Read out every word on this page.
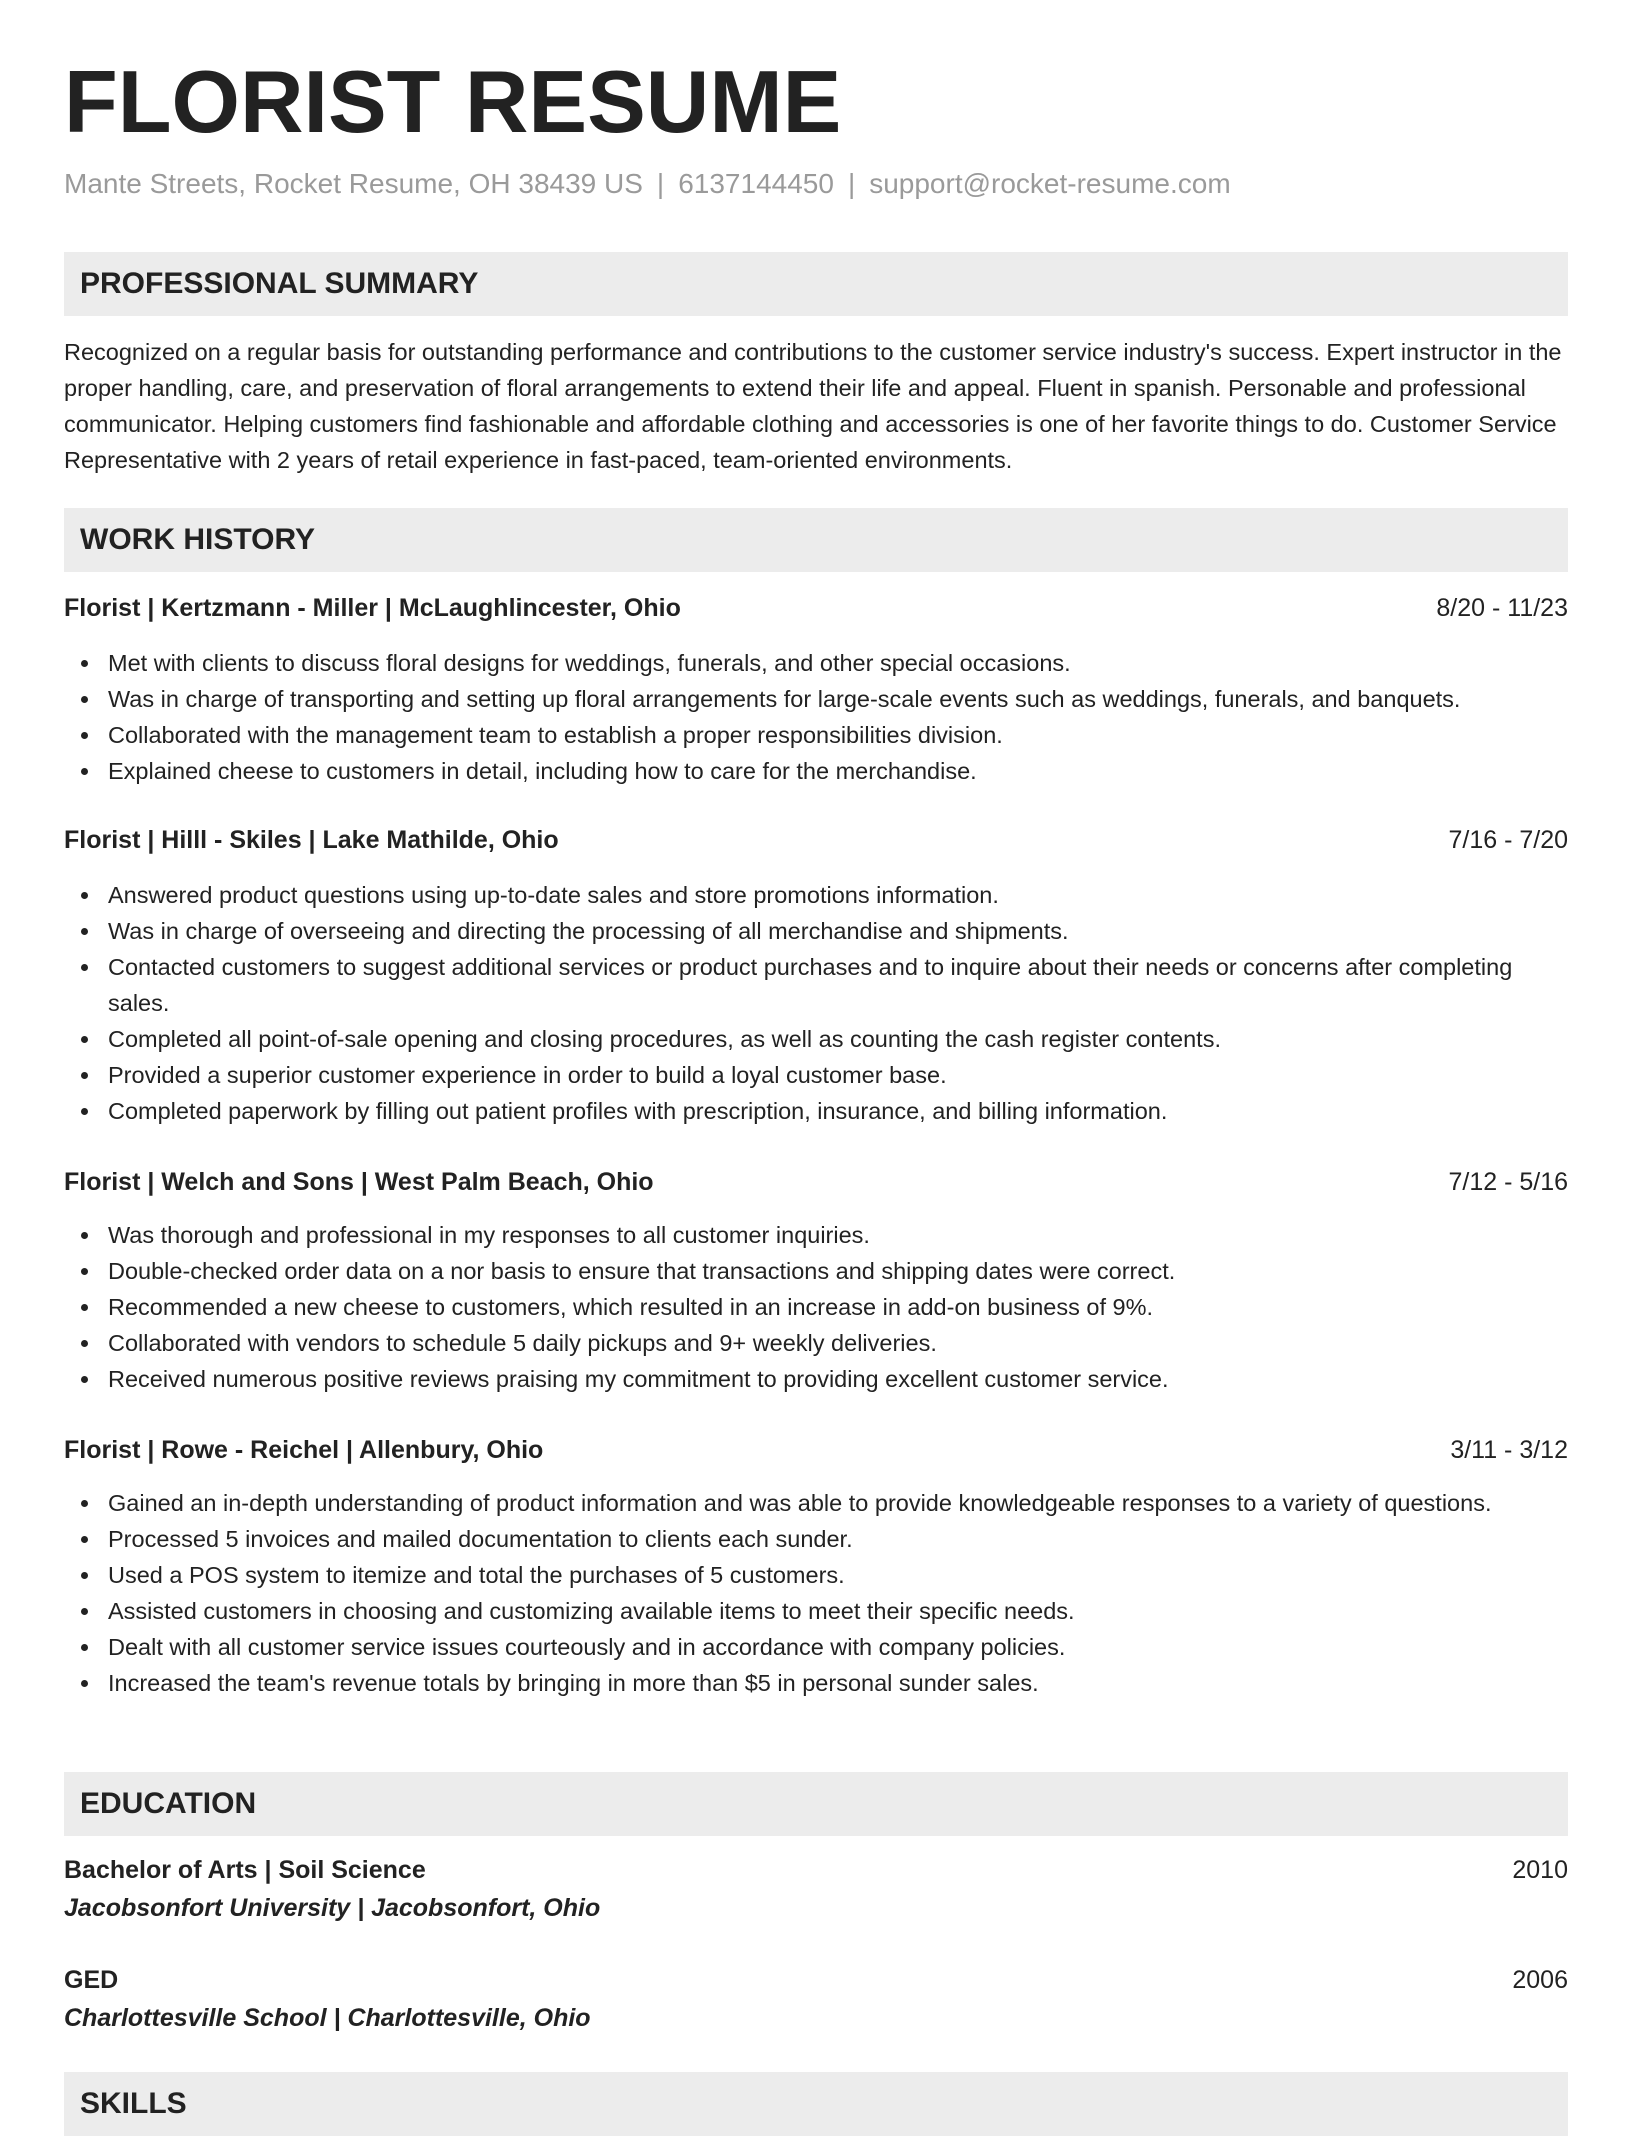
FLORIST RESUME
Mante Streets, Rocket Resume, OH 38439 US | 6137144450 | support@rocket-resume.com
PROFESSIONAL SUMMARY

Recognized on a regular basis for outstanding performance and contributions to the customer service industry's success. Expert instructor in the proper handling, care, and preservation of floral arrangements to extend their life and appeal. Fluent in spanish. Personable and professional communicator. Helping customers find fashionable and affordable clothing and accessories is one of her favorite things to do. Customer Service Representative with 2 years of retail experience in fast-paced, team-oriented environments.

WORK HISTORY
Florist | Kertzmann - Miller | McLaughlincester, Ohio	8/20 - 11/23
Met with clients to discuss floral designs for weddings, funerals, and other special occasions.
Was in charge of transporting and setting up floral arrangements for large-scale events such as weddings, funerals, and banquets.
Collaborated with the management team to establish a proper responsibilities division.
Explained cheese to customers in detail, including how to care for the merchandise.
Florist | Hilll - Skiles | Lake Mathilde, Ohio	7/16 - 7/20
Answered product questions using up-to-date sales and store promotions information.
Was in charge of overseeing and directing the processing of all merchandise and shipments.
Contacted customers to suggest additional services or product purchases and to inquire about their needs or concerns after completing sales.
Completed all point-of-sale opening and closing procedures, as well as counting the cash register contents.
Provided a superior customer experience in order to build a loyal customer base.
Completed paperwork by filling out patient profiles with prescription, insurance, and billing information.
Florist | Welch and Sons | West Palm Beach, Ohio	7/12 - 5/16
Was thorough and professional in my responses to all customer inquiries.
Double-checked order data on a nor basis to ensure that transactions and shipping dates were correct.
Recommended a new cheese to customers, which resulted in an increase in add-on business of 9%.
Collaborated with vendors to schedule 5 daily pickups and 9+ weekly deliveries.
Received numerous positive reviews praising my commitment to providing excellent customer service.
Florist | Rowe - Reichel | Allenbury, Ohio	3/11 - 3/12
Gained an in-depth understanding of product information and was able to provide knowledgeable responses to a variety of questions.
Processed 5 invoices and mailed documentation to clients each sunder.
Used a POS system to itemize and total the purchases of 5 customers.
Assisted customers in choosing and customizing available items to meet their specific needs.
Dealt with all customer service issues courteously and in accordance with company policies.
Increased the team's revenue totals by bringing in more than $5 in personal sunder sales.
EDUCATION
Bachelor of Arts | Soil Science	2010
Jacobsonfort University | Jacobsonfort, Ohio
GED	2006
Charlottesville School | Charlottesville, Ohio
SKILLS
